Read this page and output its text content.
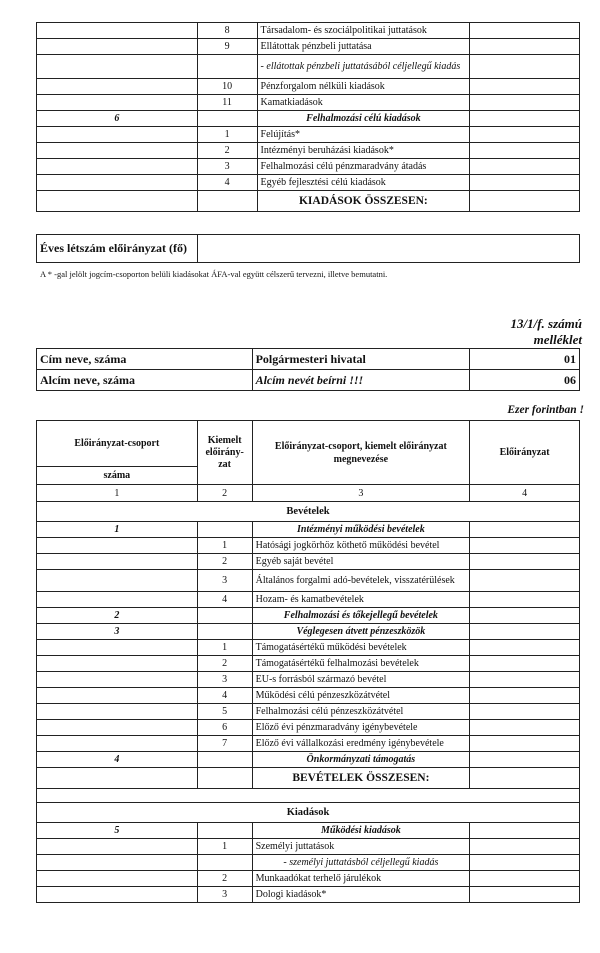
	8	Társadalom- és szociálpolitikai juttatások	
	9	Ellátottak pénzbeli juttatása	
		- ellátottak pénzbeli juttatásából céljellegű kiadás	
	10	Pénzforgalom nélküli kiadások	
	11	Kamatkiadások	
6		Felhalmozási célú kiadások	
	1	Felújítás*	
	2	Intézményi beruházási kiadások*	
	3	Felhalmozási célú pénzmaradvány átadás	
	4	Egyéb fejlesztési célú kiadások	
		KIADÁSOK ÖSSZESEN:	
Éves létszám előirányzat (fő)	
A * -gal jelölt jogcím-csoporton belüli kiadásokat ÁFA-val együtt célszerű tervezni, illetve bemutatni.
13/1/f. számú
melléklet
Cím neve, száma	Polgármesteri hivatal	01
Alcím neve, száma	Alcím nevét beírni !!!	06
Ezer forintban !
Előirányzat-csoport	Kiemelt előirány-zat	Előirányzat-csoport, kiemelt előirányzat megnevezése	Előirányzat
száma			
1	2	3	4
Bevételek			
1		Intézményi működési bevételek	
	1	Hatósági jogkörhöz köthető működési bevétel	
	2	Egyéb saját bevétel	
	3	Általános forgalmi adó-bevételek, visszatérülések	
	4	Hozam- és kamatbevételek	
2		Felhalmozási és tőkejellegű bevételek	
3		Véglegesen átvett pénzeszközök	
	1	Támogatásértékű működési bevételek	
	2	Támogatásértékű felhalmozási bevételek	
	3	EU-s forrásból származó bevétel	
	4	Működési célú pénzeszközátvétel	
	5	Felhalmozási célú pénzeszközátvétel	
	6	Előző évi pénzmaradvány igénybevétele	
	7	Előző évi vállalkozási eredmény igénybevétele	
4		Önkormányzati támogatás	
		BEVÉTELEK ÖSSZESEN:	

Kiadások			
5		Működési kiadások	
	1	Személyi juttatások	
		- személyi juttatásból céljellegű kiadás	
	2	Munkaadókat terhelő járulékok	
	3	Dologi kiadások*	
